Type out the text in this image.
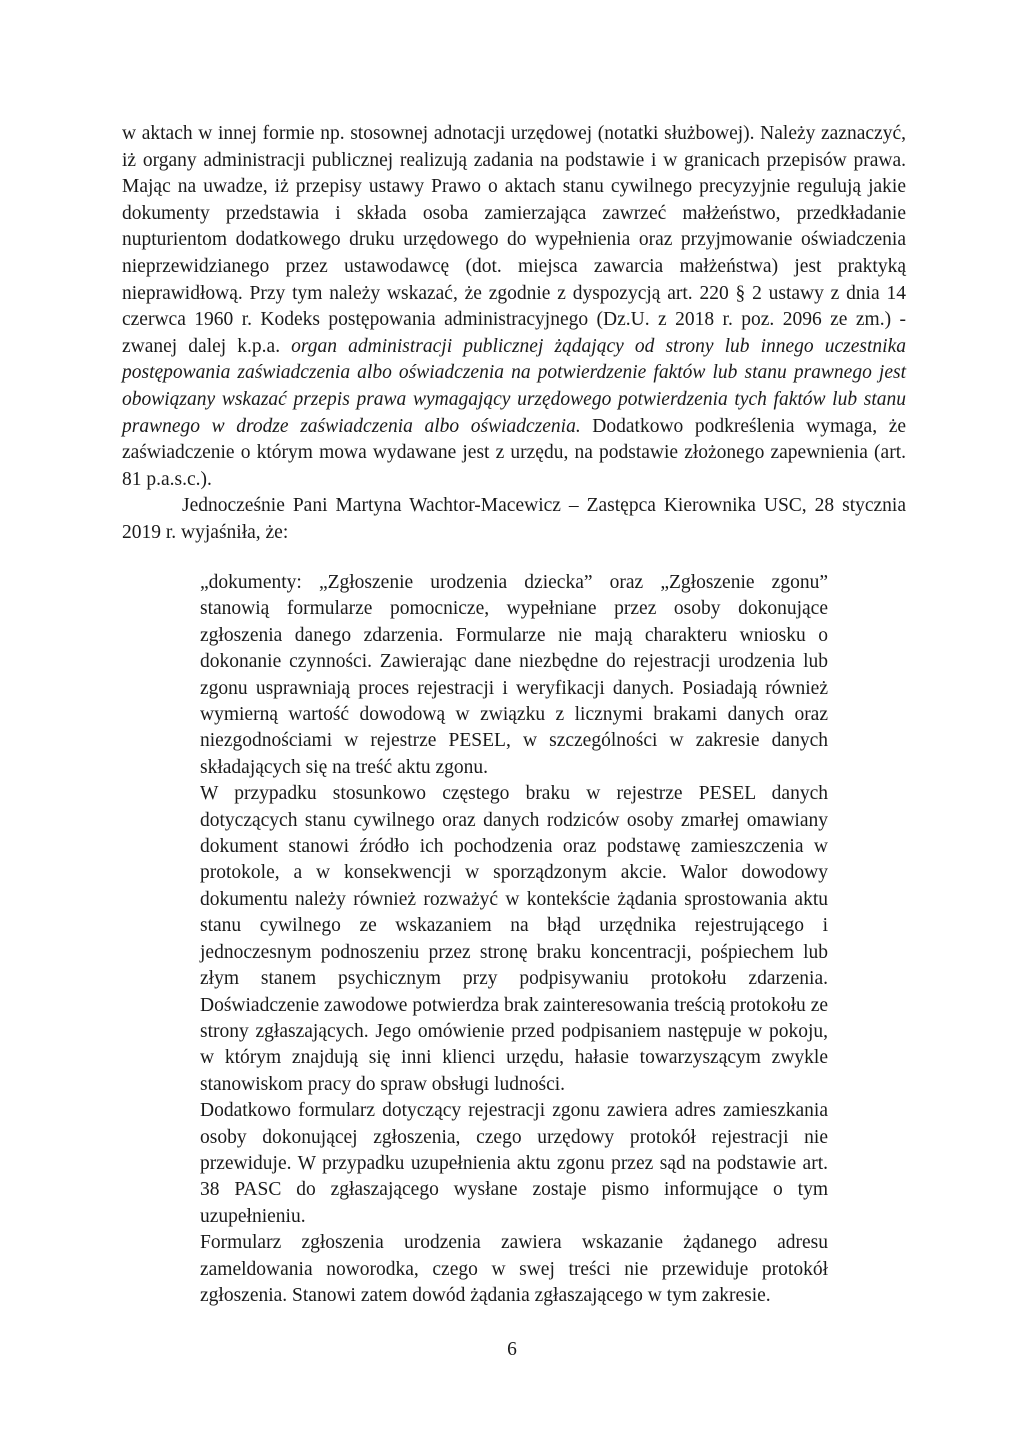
w aktach w innej formie np. stosownej adnotacji urzędowej (notatki służbowej). Należy zaznaczyć, iż organy administracji publicznej realizują zadania na podstawie i w granicach przepisów prawa. Mając na uwadze, iż przepisy ustawy Prawo o aktach stanu cywilnego precyzyjnie regulują jakie dokumenty przedstawia i składa osoba zamierzająca zawrzeć małżeństwo, przedkładanie nupturientom dodatkowego druku urzędowego do wypełnienia oraz przyjmowanie oświadczenia nieprzewidzianego przez ustawodawcę (dot. miejsca zawarcia małżeństwa) jest praktyką nieprawidłową. Przy tym należy wskazać, że zgodnie z dyspozycją art. 220 § 2 ustawy z dnia 14 czerwca 1960 r. Kodeks postępowania administracyjnego (Dz.U. z 2018 r. poz. 2096 ze zm.) - zwanej dalej k.p.a. organ administracji publicznej żądający od strony lub innego uczestnika postępowania zaświadczenia albo oświadczenia na potwierdzenie faktów lub stanu prawnego jest obowiązany wskazać przepis prawa wymagający urzędowego potwierdzenia tych faktów lub stanu prawnego w drodze zaświadczenia albo oświadczenia. Dodatkowo podkreślenia wymaga, że zaświadczenie o którym mowa wydawane jest z urzędu, na podstawie złożonego zapewnienia (art. 81 p.a.s.c.).

Jednocześnie Pani Martyna Wachtor-Macewicz – Zastępca Kierownika USC, 28 stycznia 2019 r. wyjaśniła, że:

„dokumenty: „Zgłoszenie urodzenia dziecka” oraz „Zgłoszenie zgonu” stanowią formularze pomocnicze, wypełniane przez osoby dokonujące zgłoszenia danego zdarzenia. Formularze nie mają charakteru wniosku o dokonanie czynności. Zawierając dane niezbędne do rejestracji urodzenia lub zgonu usprawniają proces rejestracji i weryfikacji danych. Posiadają również wymierną wartość dowodową w związku z licznymi brakami danych oraz niezgodnościami w rejestrze PESEL, w szczególności w zakresie danych składających się na treść aktu zgonu.

W przypadku stosunkowo częstego braku w rejestrze PESEL danych dotyczących stanu cywilnego oraz danych rodziców osoby zmarłej omawiany dokument stanowi źródło ich pochodzenia oraz podstawę zamieszczenia w protokole, a w konsekwencji w sporządzonym akcie. Walor dowodowy dokumentu należy również rozważyć w kontekście żądania sprostowania aktu stanu cywilnego ze wskazaniem na błąd urzędnika rejestrującego i jednoczesnym podnoszeniu przez stronę braku koncentracji, pośpiechem lub złym stanem psychicznym przy podpisywaniu protokołu zdarzenia. Doświadczenie zawodowe potwierdza brak zainteresowania treścią protokołu ze strony zgłaszających. Jego omówienie przed podpisaniem następuje w pokoju, w którym znajdują się inni klienci urzędu, hałasie towarzyszącym zwykle stanowiskom pracy do spraw obsługi ludności.

Dodatkowo formularz dotyczący rejestracji zgonu zawiera adres zamieszkania osoby dokonującej zgłoszenia, czego urzędowy protokół rejestracji nie przewiduje. W przypadku uzupełnienia aktu zgonu przez sąd na podstawie art. 38 PASC do zgłaszającego wysłane zostaje pismo informujące o tym uzupełnieniu.

Formularz zgłoszenia urodzenia zawiera wskazanie żądanego adresu zameldowania noworodka, czego w swej treści nie przewiduje protokół zgłoszenia. Stanowi zatem dowód żądania zgłaszającego w tym zakresie.

6
